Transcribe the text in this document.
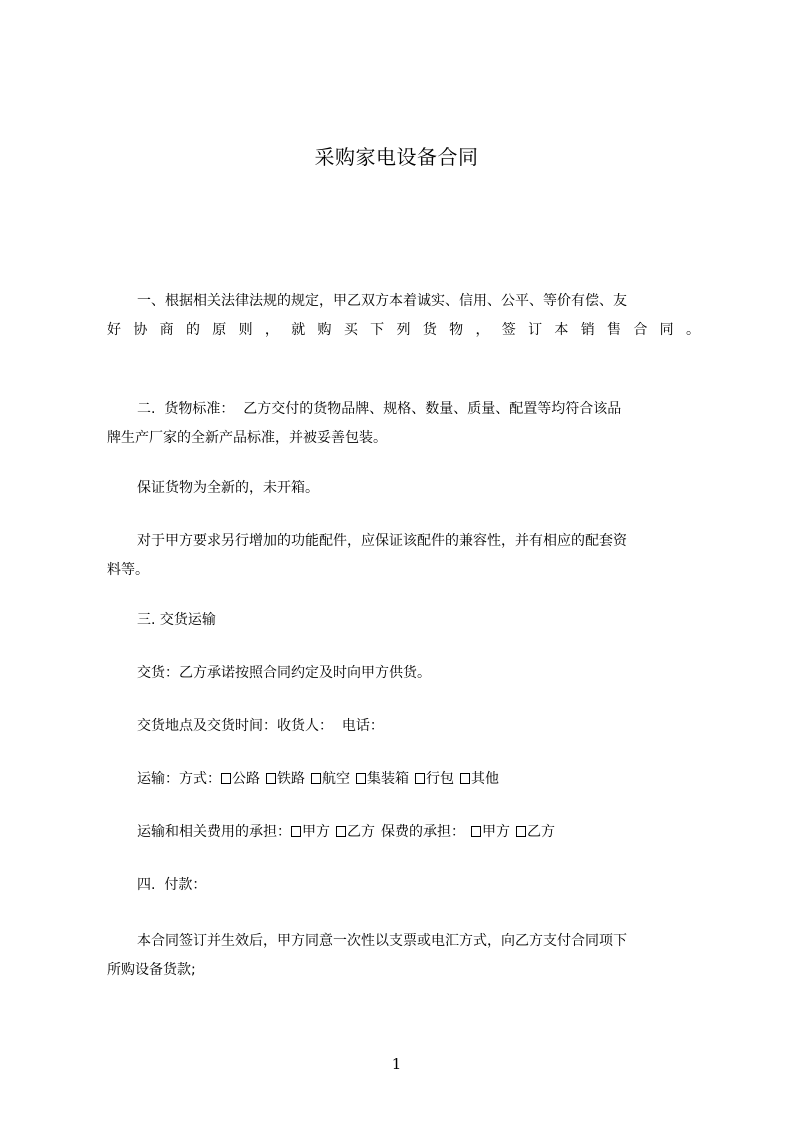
采购家电设备合同
一、根据相关法律法规的规定，甲乙双方本着诚实、信用、公平、等价有偿、友
好协商的原则，就购买下列货物，签订本销售合同。
二.  货物标准：  乙方交付的货物品牌、规格、数量、质量、配置等均符合该品
牌生产厂家的全新产品标准，并被妥善包装。
保证货物为全新的，未开箱。
对于甲方要求另行增加的功能配件，应保证该配件的兼容性，并有相应的配套资
料等。
三. 交货运输
交货：乙方承诺按照合同约定及时向甲方供货。
交货地点及交货时间：收货人：  电话：
运输：方式： 公路 铁路 航空 集装箱 行包 其他
运输和相关费用的承担： 甲方 乙方 保费的承担： 甲方 乙方
四.  付款：
本合同签订并生效后，甲方同意一次性以支票或电汇方式，向乙方支付合同项下
所购设备货款;
1
